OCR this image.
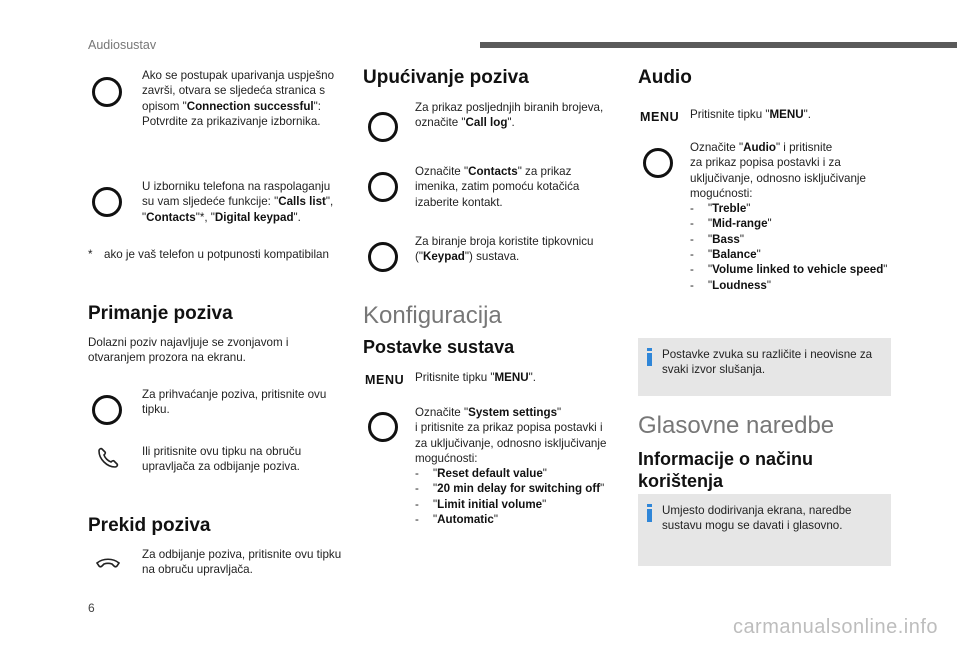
Audiosustav
Ako se postupak uparivanja uspješno završi, otvara se sljedeća stranica s opisom "Connection successful":
Potvrdite za prikazivanje izbornika.
U izborniku telefona na raspolaganju su vam sljedeće funkcije: "Calls list", "Contacts"*, "Digital keypad".
* ako je vaš telefon u potpunosti kompatibilan
Primanje poziva
Dolazni poziv najavljuje se zvonjavom i otvaranjem prozora na ekranu.
Za prihvaćanje poziva, pritisnite ovu tipku.
Ili pritisnite ovu tipku na obruču upravljača za odbijanje poziva.
Prekid poziva
Za odbijanje poziva, pritisnite ovu tipku na obruču upravljača.
Upućivanje poziva
Za prikaz posljednjih biranih brojeva, označite "Call log".
Označite "Contacts" za prikaz imenika, zatim pomoću kotačića izaberite kontakt.
Za biranje broja koristite tipkovnicu ("Keypad") sustava.
Konfiguracija
Postavke sustava
MENU Pritisnite tipku "MENU".
Označite "System settings"
i pritisnite za prikaz popisa postavki i za uključivanje, odnosno isključivanje mogućnosti:
- "Reset default value"
- "20 min delay for switching off"
- "Limit initial volume"
- "Automatic"
Audio
MENU Pritisnite tipku "MENU".
Označite "Audio" i pritisnite
za prikaz popisa postavki i za uključivanje, odnosno isključivanje mogućnosti:
- "Treble"
- "Mid-range"
- "Bass"
- "Balance"
- "Volume linked to vehicle speed"
- "Loudness"
Postavke zvuka su različite i neovisne za svaki izvor slušanja.
Glasovne naredbe
Informacije o načinu korištenja
Umjesto dodirivanja ekrana, naredbe sustavu mogu se davati i glasovno.
6
carmanualsonline.info
